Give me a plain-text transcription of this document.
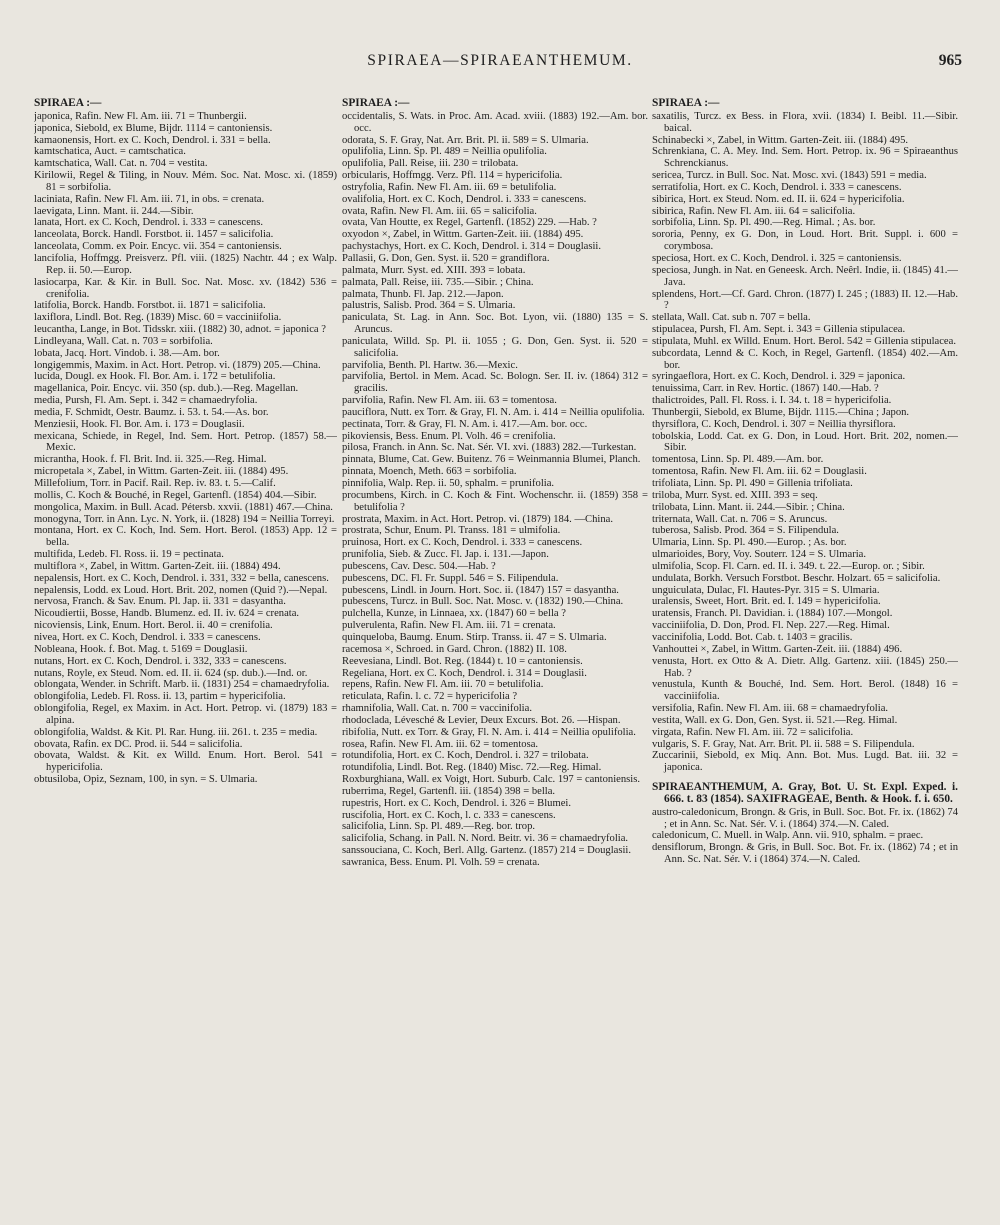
SPIRAEA—SPIRAEANTHEMUM.	965
SPIRAEA :—

japonica, Rafin. New Fl. Am. iii. 71 = Thunbergii.

japonica, Siebold, ex Blume, Bijdr. 1114 = cantoniensis.

kamaonensis, Hort. ex C. Koch, Dendrol. i. 331 = bella.

kamtschatica, Auct. = camtschatica.

kamtschatica, Wall. Cat. n. 704 = vestita.

Kirilowii, Regel & Tiling, in Nouv. Mém. Soc. Nat. Mosc. xi. (1859) 81 = sorbifolia.

laciniata, Rafin. New Fl. Am. iii. 71, in obs. = crenata.

laevigata, Linn. Mant. ii. 244.—Sibir.

lanata, Hort. ex C. Koch, Dendrol. i. 333 = canescens.

lanceolata, Borck. Handl. Forstbot. ii. 1457 = salicifolia.

lanceolata, Comm. ex Poir. Encyc. vii. 354 = cantoniensis.

lancifolia, Hoffmgg. Preisverz. Pfl. viii. (1825) Nachtr. 44 ; ex Walp. Rep. ii. 50.—Europ.

lasiocarpa, Kar. & Kir. in Bull. Soc. Nat. Mosc. xv. (1842) 536 = crenifolia.

latifolia, Borck. Handb. Forstbot. ii. 1871 = salicifolia.

laxiflora, Lindl. Bot. Reg. (1839) Misc. 60 = vacciniifolia.

leucantha, Lange, in Bot. Tidsskr. xiii. (1882) 30, adnot. = japonica ?

Lindleyana, Wall. Cat. n. 703 = sorbifolia.

lobata, Jacq. Hort. Vindob. i. 38.—Am. bor.

longigemmis, Maxim. in Act. Hort. Petrop. vi. (1879) 205.—China.

lucida, Dougl. ex Hook. Fl. Bor. Am. i. 172 = betulifolia.

magellanica, Poir. Encyc. vii. 350 (sp. dub.).—Reg. Magellan.

media, Pursh, Fl. Am. Sept. i. 342 = chamaedryfolia.

media, F. Schmidt, Oestr. Baumz. i. 53. t. 54.—As. bor.

Menziesii, Hook. Fl. Bor. Am. i. 173 = Douglasii.

mexicana, Schiede, in Regel, Ind. Sem. Hort. Petrop. (1857) 58.—Mexic.

micrantha, Hook. f. Fl. Brit. Ind. ii. 325.—Reg. Himal.

micropetala ×, Zabel, in Wittm. Garten-Zeit. iii. (1884) 495.

Millefolium, Torr. in Pacif. Rail. Rep. iv. 83. t. 5.—Calif.

mollis, C. Koch & Bouché, in Regel, Gartenfl. (1854) 404.—Sibir.

mongolica, Maxim. in Bull. Acad. Pétersb. xxvii. (1881) 467.—China.

monogyna, Torr. in Ann. Lyc. N. York, ii. (1828) 194 = Neillia Torreyi.

montana, Hort. ex C. Koch, Ind. Sem. Hort. Berol. (1853) App. 12 = bella.

multifida, Ledeb. Fl. Ross. ii. 19 = pectinata.

multiflora ×, Zabel, in Wittm. Garten-Zeit. iii. (1884) 494.

nepalensis, Hort. ex C. Koch, Dendrol. i. 331, 332 = bella, canescens.

nepalensis, Lodd. ex Loud. Hort. Brit. 202, nomen (Quid ?).—Nepal.

nervosa, Franch. & Sav. Enum. Pl. Jap. ii. 331 = dasyantha.

Nicoudiertii, Bosse, Handb. Blumenz. ed. II. iv. 624 = crenata.

nicoviensis, Link, Enum. Hort. Berol. ii. 40 = crenifolia.

nivea, Hort. ex C. Koch, Dendrol. i. 333 = canescens.

Nobleana, Hook. f. Bot. Mag. t. 5169 = Douglasii.

nutans, Hort. ex C. Koch, Dendrol. i. 332, 333 = canescens.

nutans, Royle, ex Steud. Nom. ed. II. ii. 624 (sp. dub.).—Ind. or.

oblongata, Wender. in Schrift. Marb. ii. (1831) 254 = chamaedryfolia.

oblongifolia, Ledeb. Fl. Ross. ii. 13, partim = hypericifolia.

oblongifolia, Regel, ex Maxim. in Act. Hort. Petrop. vi. (1879) 183 = alpina.

oblongifolia, Waldst. & Kit. Pl. Rar. Hung. iii. 261. t. 235 = media.

obovata, Rafin. ex DC. Prod. ii. 544 = salicifolia.

obovata, Waldst. & Kit. ex Willd. Enum. Hort. Berol. 541 = hypericifolia.

obtusiloba, Opiz, Seznam, 100, in syn. = S. Ulmaria.

SPIRAEA :—

occidentalis, S. Wats. in Proc. Am. Acad. xviii. (1883) 192.—Am. bor. occ.

odorata, S. F. Gray, Nat. Arr. Brit. Pl. ii. 589 = S. Ulmaria.

opulifolia, Linn. Sp. Pl. 489 = Neillia opulifolia.

opulifolia, Pall. Reise, iii. 230 = trilobata.

orbicularis, Hoffmgg. Verz. Pfl. 114 = hypericifolia.

ostryfolia, Rafin. New Fl. Am. iii. 69 = betulifolia.

ovalifolia, Hort. ex C. Koch, Dendrol. i. 333 = canescens.

ovata, Rafin. New Fl. Am. iii. 65 = salicifolia.

ovata, Van Houtte, ex Regel, Gartenfl. (1852) 229. —Hab. ?

oxyodon ×, Zabel, in Wittm. Garten-Zeit. iii. (1884) 495.

pachystachys, Hort. ex C. Koch, Dendrol. i. 314 = Douglasii.

Pallasii, G. Don, Gen. Syst. ii. 520 = grandiflora.

palmata, Murr. Syst. ed. XIII. 393 = lobata.

palmata, Pall. Reise, iii. 735.—Sibir. ; China.

palmata, Thunb. Fl. Jap. 212.—Japon.

palustris, Salisb. Prod. 364 = S. Ulmaria.

paniculata, St. Lag. in Ann. Soc. Bot. Lyon, vii. (1880) 135 = S. Aruncus.

paniculata, Willd. Sp. Pl. ii. 1055 ; G. Don, Gen. Syst. ii. 520 = salicifolia.

parvifolia, Benth. Pl. Hartw. 36.—Mexic.

parvifolia, Bertol. in Mem. Acad. Sc. Bologn. Ser. II. iv. (1864) 312 = gracilis.

parvifolia, Rafin. New Fl. Am. iii. 63 = tomentosa.

pauciflora, Nutt. ex Torr. & Gray, Fl. N. Am. i. 414 = Neillia opulifolia.

pectinata, Torr. & Gray, Fl. N. Am. i. 417.—Am. bor. occ.

pikoviensis, Bess. Enum. Pl. Volh. 46 = crenifolia.

pilosa, Franch. in Ann. Sc. Nat. Sér. VI. xvi. (1883) 282.—Turkestan.

pinnata, Blume, Cat. Gew. Buitenz. 76 = Weinmannia Blumei, Planch.

pinnata, Moench, Meth. 663 = sorbifolia.

pinnifolia, Walp. Rep. ii. 50, sphalm. = prunifolia.

procumbens, Kirch. in C. Koch & Fint. Wochenschr. ii. (1859) 358 = betulifolia ?

prostrata, Maxim. in Act. Hort. Petrop. vi. (1879) 184. —China.

prostrata, Schur, Enum. Pl. Transs. 181 = ulmifolia.

pruinosa, Hort. ex C. Koch, Dendrol. i. 333 = canescens.

prunifolia, Sieb. & Zucc. Fl. Jap. i. 131.—Japon.

pubescens, Cav. Desc. 504.—Hab. ?

pubescens, DC. Fl. Fr. Suppl. 546 = S. Filipendula.

pubescens, Lindl. in Journ. Hort. Soc. ii. (1847) 157 = dasyantha.

pubescens, Turcz. in Bull. Soc. Nat. Mosc. v. (1832) 190.—China.

pulchella, Kunze, in Linnaea, xx. (1847) 60 = bella ?

pulverulenta, Rafin. New Fl. Am. iii. 71 = crenata.

quinqueloba, Baumg. Enum. Stirp. Transs. ii. 47 = S. Ulmaria.

racemosa ×, Schroed. in Gard. Chron. (1882) II. 108.

Reevesiana, Lindl. Bot. Reg. (1844) t. 10 = cantoniensis.

Regeliana, Hort. ex C. Koch, Dendrol. i. 314 = Douglasii.

repens, Rafin. New Fl. Am. iii. 70 = betulifolia.

reticulata, Rafin. l. c. 72 = hypericifolia ?

rhamnifolia, Wall. Cat. n. 700 = vaccinifolia.

rhodoclada, Lévesché & Levier, Deux Excurs. Bot. 26. —Hispan.

ribifolia, Nutt. ex Torr. & Gray, Fl. N. Am. i. 414 = Neillia opulifolia.

rosea, Rafin. New Fl. Am. iii. 62 = tomentosa.

rotundifolia, Hort. ex C. Koch, Dendrol. i. 327 = trilobata.

rotundifolia, Lindl. Bot. Reg. (1840) Misc. 72.—Reg. Himal.

Roxburghiana, Wall. ex Voigt, Hort. Suburb. Calc. 197 = cantoniensis.

ruberrima, Regel, Gartenfl. iii. (1854) 398 = bella.

rupestris, Hort. ex C. Koch, Dendrol. i. 326 = Blumei.

ruscifolia, Hort. ex C. Koch, l. c. 333 = canescens.

salicifolia, Linn. Sp. Pl. 489.—Reg. bor. trop.

salicifolia, Schang. in Pall. N. Nord. Beitr. vi. 36 = chamaedryfolia.

sanssouciana, C. Koch, Berl. Allg. Gartenz. (1857) 214 = Douglasii.

sawranica, Bess. Enum. Pl. Volh. 59 = crenata.

SPIRAEA :—

saxatilis, Turcz. ex Bess. in Flora, xvii. (1834) I. Beibl. 11.—Sibir. baical.

Schinabecki ×, Zabel, in Wittm. Garten-Zeit. iii. (1884) 495.

Schrenkiana, C. A. Mey. Ind. Sem. Hort. Petrop. ix. 96 = Spiraeanthus Schrenckianus.

sericea, Turcz. in Bull. Soc. Nat. Mosc. xvi. (1843) 591 = media.

serratifolia, Hort. ex C. Koch, Dendrol. i. 333 = canescens.

sibirica, Hort. ex Steud. Nom. ed. II. ii. 624 = hypericifolia.

sibirica, Rafin. New Fl. Am. iii. 64 = salicifolia.

sorbifolia, Linn. Sp. Pl. 490.—Reg. Himal. ; As. bor.

sororia, Penny, ex G. Don, in Loud. Hort. Brit. Suppl. i. 600 = corymbosa.

speciosa, Hort. ex C. Koch, Dendrol. i. 325 = cantoniensis.

speciosa, Jungh. in Nat. en Geneesk. Arch. Neêrl. Indie, ii. (1845) 41.—Java.

splendens, Hort.—Cf. Gard. Chron. (1877) I. 245 ; (1883) II. 12.—Hab. ?

stellata, Wall. Cat. sub n. 707 = bella.

stipulacea, Pursh, Fl. Am. Sept. i. 343 = Gillenia stipulacea.

stipulata, Muhl. ex Willd. Enum. Hort. Berol. 542 = Gillenia stipulacea.

subcordata, Lennd & C. Koch, in Regel, Gartenfl. (1854) 402.—Am. bor.

syringaeflora, Hort. ex C. Koch, Dendrol. i. 329 = japonica.

tenuissima, Carr. in Rev. Hortic. (1867) 140.—Hab. ?

thalictroides, Pall. Fl. Ross. i. I. 34. t. 18 = hypericifolia.

Thunbergii, Siebold, ex Blume, Bijdr. 1115.—China ; Japon.

thyrsiflora, C. Koch, Dendrol. i. 307 = Neillia thyrsiflora.

tobolskia, Lodd. Cat. ex G. Don, in Loud. Hort. Brit. 202, nomen.—Sibir.

tomentosa, Linn. Sp. Pl. 489.—Am. bor.

tomentosa, Rafin. New Fl. Am. iii. 62 = Douglasii.

trifoliata, Linn. Sp. Pl. 490 = Gillenia trifoliata.

triloba, Murr. Syst. ed. XIII. 393 = seq.

trilobata, Linn. Mant. ii. 244.—Sibir. ; China.

triternata, Wall. Cat. n. 706 = S. Aruncus.

tuberosa, Salisb. Prod. 364 = S. Filipendula.

Ulmaria, Linn. Sp. Pl. 490.—Europ. ; As. bor.

ulmarioides, Bory, Voy. Souterr. 124 = S. Ulmaria.

ulmifolia, Scop. Fl. Carn. ed. II. i. 349. t. 22.—Europ. or. ; Sibir.

undulata, Borkh. Versuch Forstbot. Beschr. Holzart. 65 = salicifolia.

unguiculata, Dulac, Fl. Hautes-Pyr. 315 = S. Ulmaria.

uralensis, Sweet, Hort. Brit. ed. I. 149 = hypericifolia.

uratensis, Franch. Pl. Davidian. i. (1884) 107.—Mongol.

vacciniifolia, D. Don, Prod. Fl. Nep. 227.—Reg. Himal.

vaccinifolia, Lodd. Bot. Cab. t. 1403 = gracilis.

Vanhouttei ×, Zabel, in Wittm. Garten-Zeit. iii. (1884) 496.

venusta, Hort. ex Otto & A. Dietr. Allg. Gartenz. xiii. (1845) 250.—Hab. ?

venustula, Kunth & Bouché, Ind. Sem. Hort. Berol. (1848) 16 = vacciniifolia.

versifolia, Rafin. New Fl. Am. iii. 68 = chamaedryfolia.

vestita, Wall. ex G. Don, Gen. Syst. ii. 521.—Reg. Himal.

virgata, Rafin. New Fl. Am. iii. 72 = salicifolia.

vulgaris, S. F. Gray, Nat. Arr. Brit. Pl. ii. 588 = S. Filipendula.

Zuccarinii, Siebold, ex Miq. Ann. Bot. Mus. Lugd. Bat. iii. 32 = japonica.

SPIRAEANTHEMUM, A. Gray, Bot. U. St. Expl. Exped. i. 666. t. 83 (1854). SAXIFRAGEAE, Benth. & Hook. f. i. 650.

austro-caledonicum, Brongn. & Gris, in Bull. Soc. Bot. Fr. ix. (1862) 74 ; et in Ann. Sc. Nat. Sér. V. i. (1864) 374.—N. Caled.

caledonicum, C. Muell. in Walp. Ann. vii. 910, sphalm. = praec.

densiflorum, Brongn. & Gris, in Bull. Soc. Bot. Fr. ix. (1862) 74 ; et in Ann. Sc. Nat. Sér. V. i (1864) 374.—N. Caled.
